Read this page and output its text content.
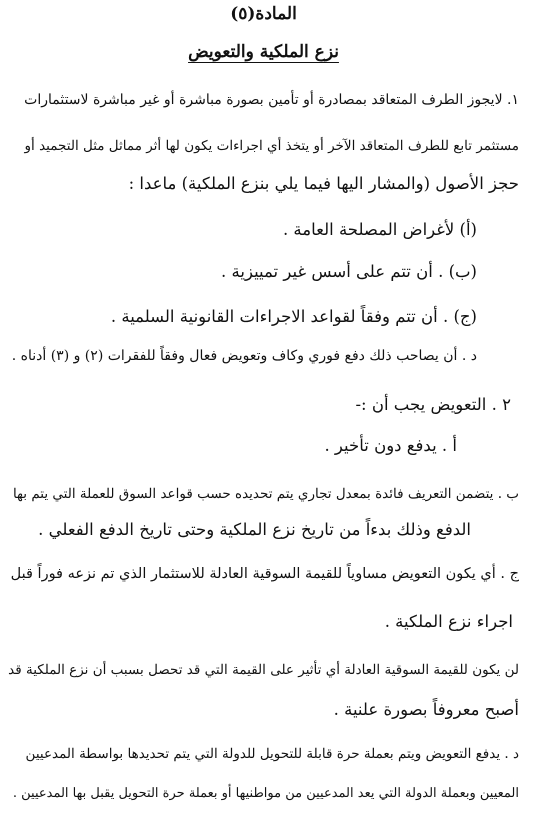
المادة(٥)
نزع الملكية والتعويض
١. لايجوز الطرف المتعاقد بمصادرة أو تأمين بصورة مباشرة أو غير مباشرة لاستثمارات
مستثمر تابع للطرف المتعاقد الآخر أو يتخذ أي اجراءات يكون لها أثر مماثل مثل التجميد أو
حجز الأصول (والمشار اليها فيما يلي بنزع الملكية) ماعدا :
(أ) لأغراض المصلحة العامة .
(ب) . أن تتم على أسس غير تمييزية .
(ج) . أن تتم وفقاً لقواعد الاجراءات القانونية السلمية .
د . أن يصاحب ذلك دفع فوري وكاف وتعويض فعال وفقاً للفقرات (٢) و (٣) أدناه .
٢ . التعويض يجب أن :-
أ . يدفع دون تأخير .
ب . يتضمن التعريف فائدة بمعدل تجاري يتم تحديده حسب قواعد السوق للعملة التي يتم بها
الدفع وذلك بدءاً من تاريخ نزع الملكية وحتى تاريخ الدفع الفعلي .
ج . أي يكون التعويض مساوياً للقيمة السوقية العادلة للاستثمار الذي تم نزعه فوراً قبل
اجراء نزع الملكية .
لن يكون للقيمة السوقية العادلة أي تأثير على القيمة التي قد تحصل بسبب أن نزع الملكية قد
أصبح معروفاً بصورة علنية .
د . يدفع التعويض ويتم بعملة حرة قابلة للتحويل للدولة التي يتم تحديدها بواسطة المدعيين
المعيين وبعملة الدولة التي يعد المدعيين من مواطنيها أو بعملة حرة التحويل يقبل بها المدعيين .
